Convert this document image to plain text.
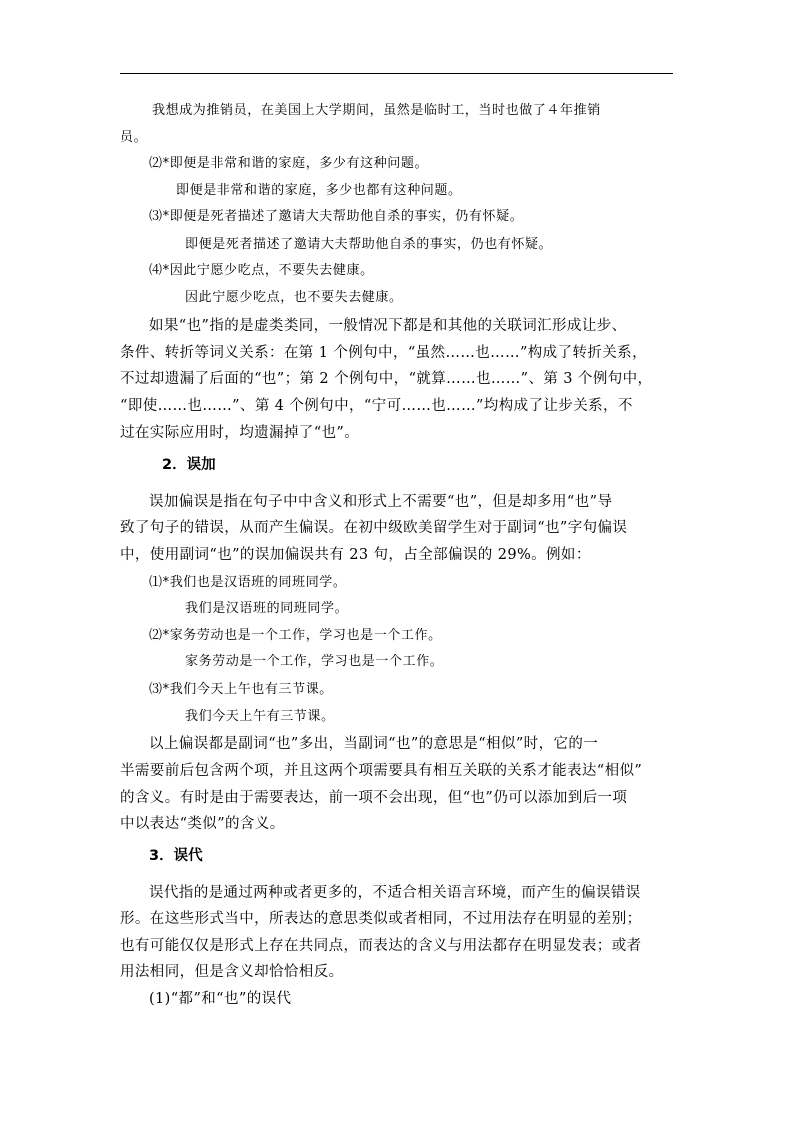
我想成为推销员，在美国上大学期间，虽然是临时工，当时也做了４年推销
员。
⑵*即便是非常和谐的家庭，多少有这种问题。
即便是非常和谐的家庭，多少也都有这种问题。
⑶*即便是死者描述了邀请大夫帮助他自杀的事实，仍有怀疑。
即便是死者描述了邀请大夫帮助他自杀的事实，仍也有怀疑。
⑷*因此宁愿少吃点，不要失去健康。
因此宁愿少吃点，也不要失去健康。
如果“也”指的是虚类类同，一般情况下都是和其他的关联词汇形成让步、
条件、转折等词义关系：在第 1 个例句中，“虽然……也……”构成了转折关系，
不过却遗漏了后面的“也”；第 2 个例句中，“就算……也……”、第 3 个例句中，
“即使……也……”、第 4 个例句中，“宁可……也……”均构成了让步关系，不
过在实际应用时，均遗漏掉了“也”。
2．误加
误加偏误是指在句子中中含义和形式上不需要“也”，但是却多用“也”导
致了句子的错误，从而产生偏误。在初中级欧美留学生对于副词“也”字句偏误
中，使用副词“也”的误加偏误共有 23 句，占全部偏误的 29%。例如：
⑴*我们也是汉语班的同班同学。
我们是汉语班的同班同学。
⑵*家务劳动也是一个工作，学习也是一个工作。
家务劳动是一个工作，学习也是一个工作。
⑶*我们今天上午也有三节课。
我们今天上午有三节课。
以上偏误都是副词“也”多出，当副词“也”的意思是“相似”时，它的一
半需要前后包含两个项，并且这两个项需要具有相互关联的关系才能表达“相似”
的含义。有时是由于需要表达，前一项不会出现，但“也”仍可以添加到后一项
中以表达“类似”的含义。
3．误代
误代指的是通过两种或者更多的，不适合相关语言环境，而产生的偏误错误
形。在这些形式当中，所表达的意思类似或者相同，不过用法存在明显的差别；
也有可能仅仅是形式上存在共同点，而表达的含义与用法都存在明显发表；或者
用法相同，但是含义却恰恰相反。
(1)“都”和“也”的误代
